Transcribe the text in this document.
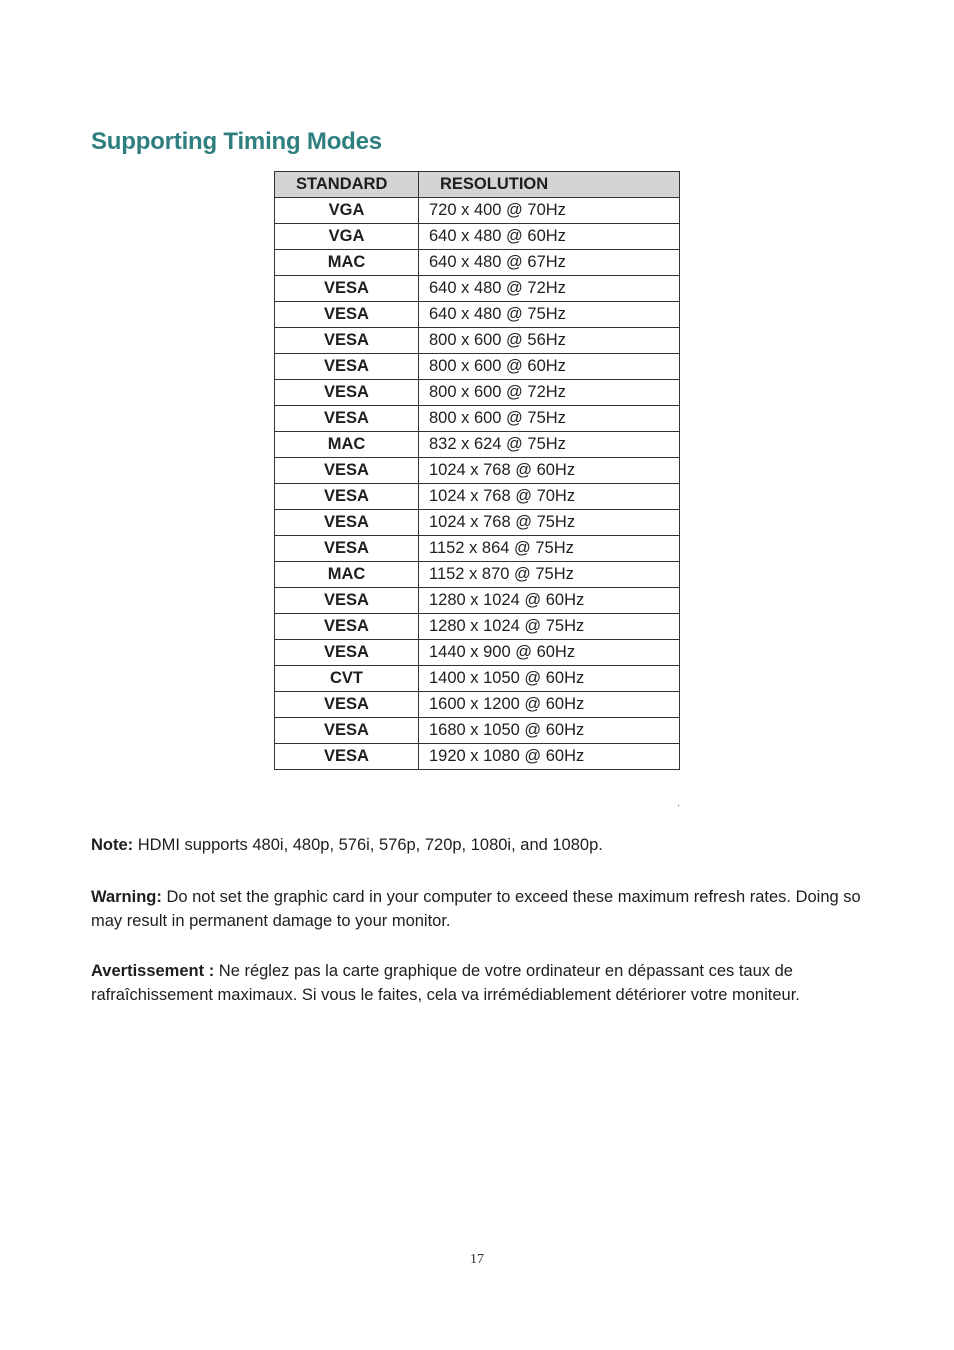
Supporting Timing Modes
STANDARD	RESOLUTION
VGA	720 x 400 @ 70Hz
VGA	640 x 480 @ 60Hz
MAC	640 x 480 @ 67Hz
VESA	640 x 480 @ 72Hz
VESA	640 x 480 @ 75Hz
VESA	800 x 600 @ 56Hz
VESA	800 x 600 @ 60Hz
VESA	800 x 600 @ 72Hz
VESA	800 x 600 @ 75Hz
MAC	832 x 624 @ 75Hz
VESA	1024 x 768 @ 60Hz
VESA	1024 x 768 @ 70Hz
VESA	1024 x 768 @ 75Hz
VESA	1152 x 864 @ 75Hz
MAC	1152 x 870 @ 75Hz
VESA	1280 x 1024 @ 60Hz
VESA	1280 x 1024 @ 75Hz
VESA	1440 x 900 @ 60Hz
CVT	1400 x 1050 @ 60Hz
VESA	1600 x 1200 @ 60Hz
VESA	1680 x 1050 @ 60Hz
VESA	1920 x 1080 @ 60Hz

Note: HDMI supports 480i, 480p, 576i, 576p, 720p, 1080i, and 1080p.

Warning: Do not set the graphic card in your computer to exceed these maximum refresh rates. Doing so may result in permanent damage to your monitor.

Avertissement : Ne réglez pas la carte graphique de votre ordinateur en dépassant ces taux de rafraîchissement maximaux. Si vous le faites, cela va irrémédiablement détériorer votre moniteur.

17
